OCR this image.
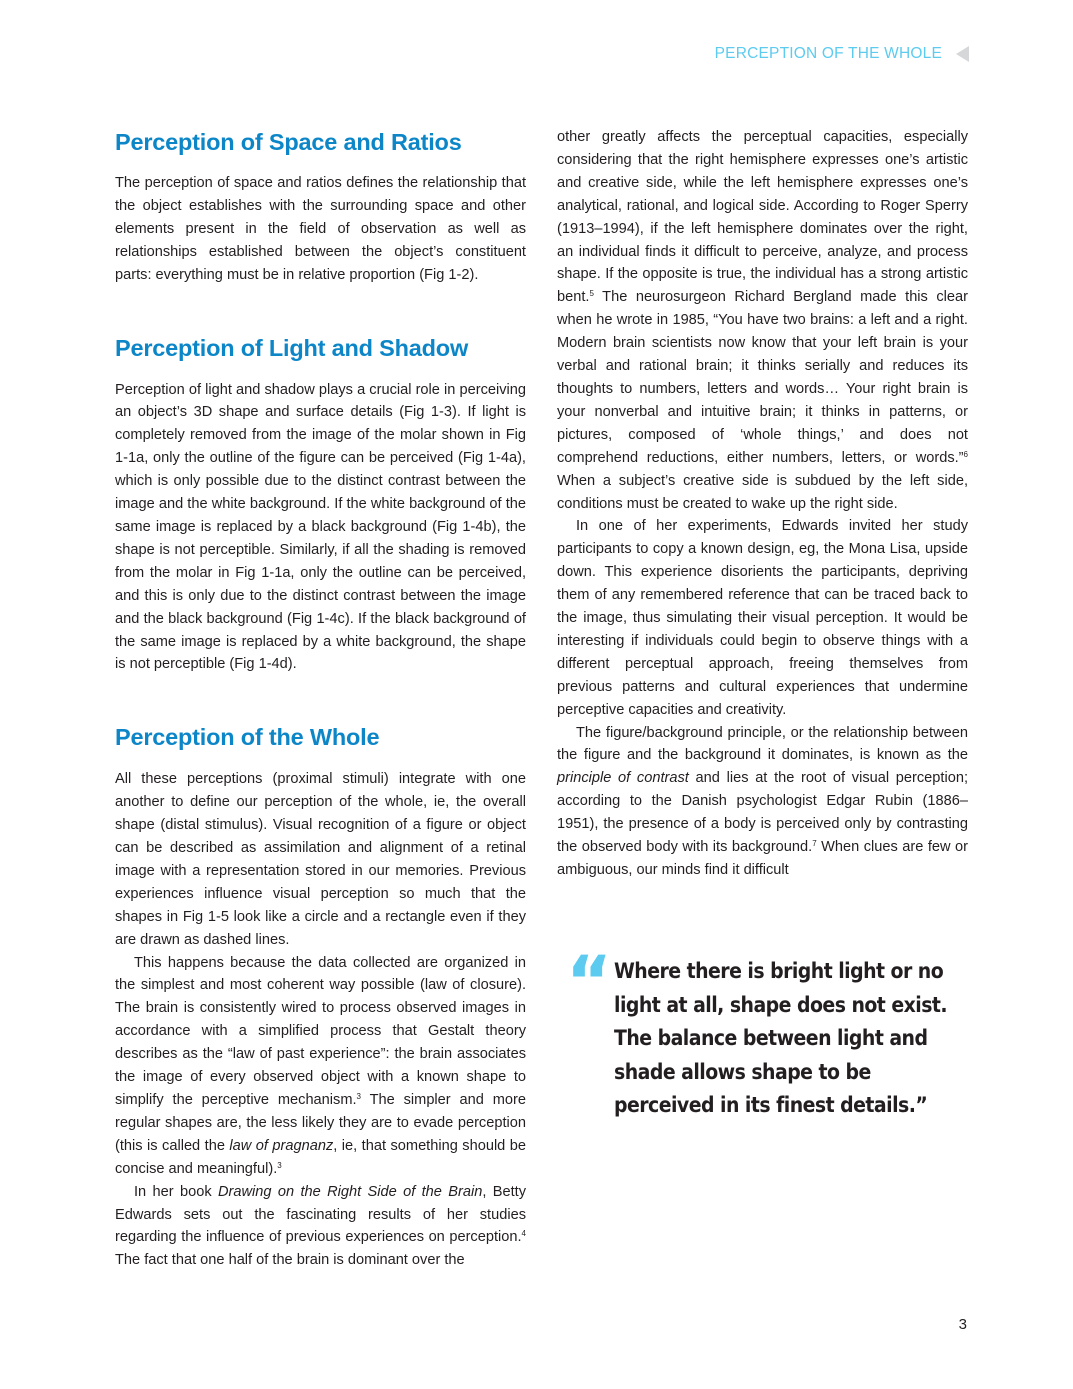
PERCEPTION OF THE WHOLE
Perception of Space and Ratios

The perception of space and ratios defines the relationship that the object establishes with the surrounding space and other elements present in the field of observation as well as relationships established between the object’s constituent parts: everything must be in relative proportion (Fig 1-2).

Perception of Light and Shadow

Perception of light and shadow plays a crucial role in perceiving an object’s 3D shape and surface details (Fig 1-3). If light is completely removed from the image of the molar shown in Fig 1-1a, only the outline of the figure can be perceived (Fig 1-4a), which is only possible due to the distinct contrast between the image and the white background. If the white background of the same image is replaced by a black background (Fig 1-4b), the shape is not perceptible. Similarly, if all the shading is removed from the molar in Fig 1-1a, only the outline can be perceived, and this is only due to the distinct contrast between the image and the black background (Fig 1-4c). If the black background of the same image is replaced by a white background, the shape is not perceptible (Fig 1-4d).

Perception of the Whole

All these perceptions (proximal stimuli) integrate with one another to define our perception of the whole, ie, the overall shape (distal stimulus). Visual recognition of a figure or object can be described as assimilation and alignment of a retinal image with a representation stored in our memories. Previous experiences influence visual perception so much that the shapes in Fig 1-5 look like a circle and a rectangle even if they are drawn as dashed lines.

This happens because the data collected are organized in the simplest and most coherent way possible (law of closure). The brain is consistently wired to process observed images in accordance with a simplified process that Gestalt theory describes as the “law of past experience”: the brain associates the image of every observed object with a known shape to simplify the perceptive mechanism.$^3$ The simpler and more regular shapes are, the less likely they are to evade perception (this is called the law of pragnanz, ie, that something should be concise and meaningful).$^3$

In her book Drawing on the Right Side of the Brain, Betty Edwards sets out the fascinating results of her studies regarding the influence of previous experiences on perception.$^4$ The fact that one half of the brain is dominant over the

other greatly affects the perceptual capacities, especially considering that the right hemisphere expresses one’s artistic and creative side, while the left hemisphere expresses one’s analytical, rational, and logical side. According to Roger Sperry (1913–1994), if the left hemisphere dominates over the right, an individual finds it difficult to perceive, analyze, and process shape. If the opposite is true, the individual has a strong artistic bent.$^5$ The neurosurgeon Richard Bergland made this clear when he wrote in 1985, “You have two brains: a left and a right. Modern brain scientists now know that your left brain is your verbal and rational brain; it thinks serially and reduces its thoughts to numbers, letters and words… Your right brain is your nonverbal and intuitive brain; it thinks in patterns, or pictures, composed of ‘whole things,’ and does not comprehend reductions, either numbers, letters, or words.”$^6$ When a subject’s creative side is subdued by the left side, conditions must be created to wake up the right side.

In one of her experiments, Edwards invited her study participants to copy a known design, eg, the Mona Lisa, upside down. This experience disorients the participants, depriving them of any remembered reference that can be traced back to the image, thus simulating their visual perception. It would be interesting if individuals could begin to observe things with a different perceptual approach, freeing themselves from previous patterns and cultural experiences that undermine perceptive capacities and creativity.

The figure/background principle, or the relationship between the figure and the background it dominates, is known as the principle of contrast and lies at the root of visual perception; according to the Danish psychologist Edgar Rubin (1886–1951), the presence of a body is perceived only by contrasting the observed body with its background.$^7$ When clues are few or ambiguous, our minds find it difficult

“ Where there is bright light or no light at all, shape does not exist. The balance between light and shade allows shape to be perceived in its finest details.”
3
